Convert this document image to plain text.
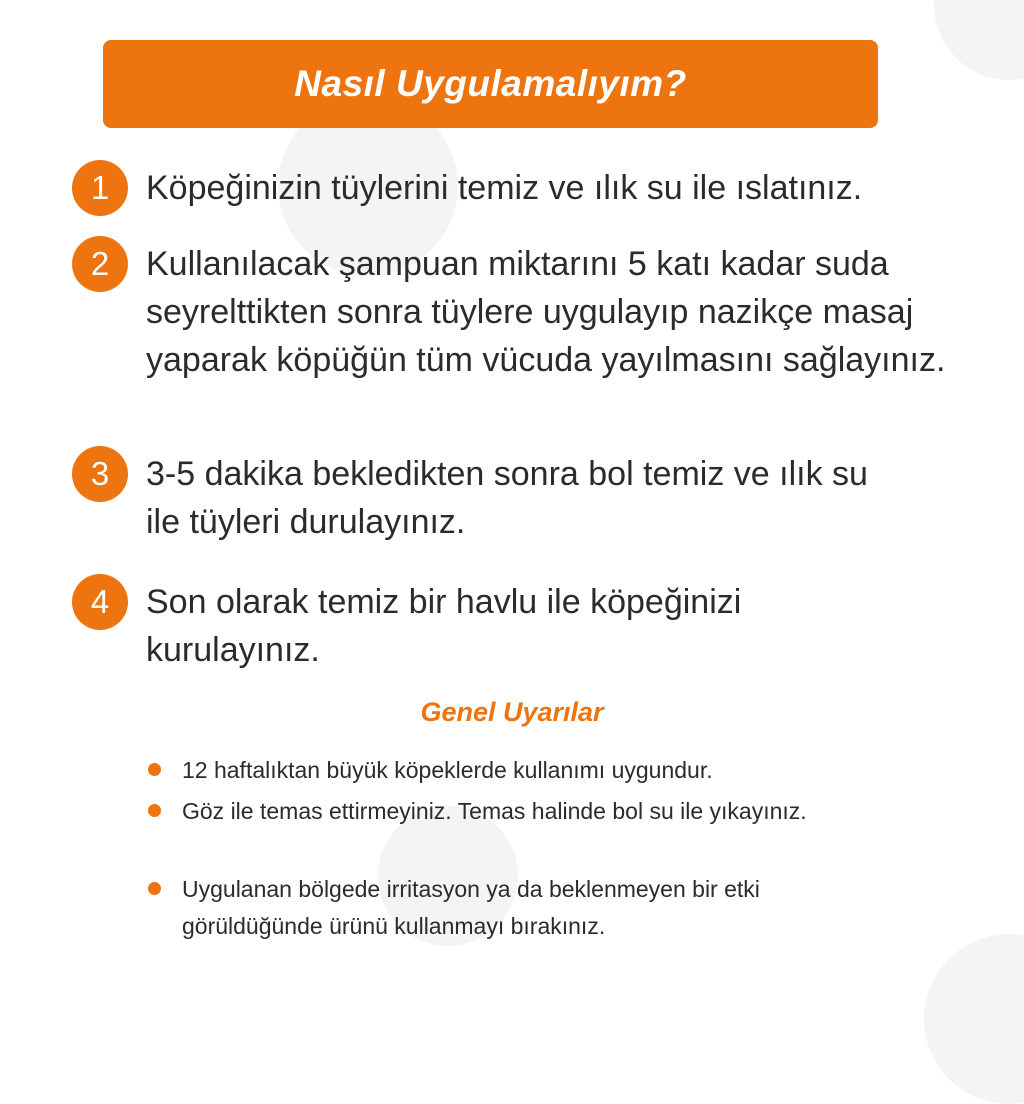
Nasıl Uygulamalıyım?
1	Köpeğinizin tüylerini temiz ve ılık su ile ıslatınız.
2	Kullanılacak şampuan miktarını 5 katı kadar suda seyrelttikten sonra tüylere uygulayıp nazikçe masaj yaparak köpüğün tüm vücuda yayılmasını sağlayınız.
3	3-5 dakika bekledikten sonra bol temiz ve ılık su ile tüyleri durulayınız.
4	Son olarak temiz bir havlu ile köpeğinizi kurulayınız.
Genel Uyarılar
12 haftalıktan büyük köpeklerde kullanımı uygundur.
Göz ile temas ettirmeyiniz. Temas halinde bol su ile yıkayınız.
Uygulanan bölgede irritasyon ya da beklenmeyen bir etki görüldüğünde ürünü kullanmayı bırakınız.
